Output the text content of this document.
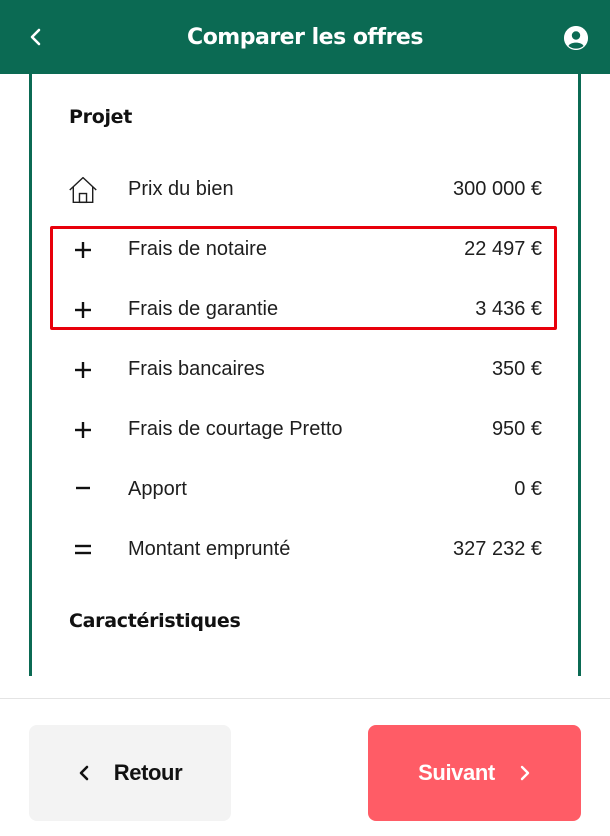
Comparer les offres
Projet
Prix du bien	300 000 €
Frais de notaire	22 497 €
Frais de garantie	3 436 €
Frais bancaires	350 €
Frais de courtage Pretto	950 €
Apport	0 €
Montant emprunté	327 232 €
Caractéristiques
Retour	Suivant
